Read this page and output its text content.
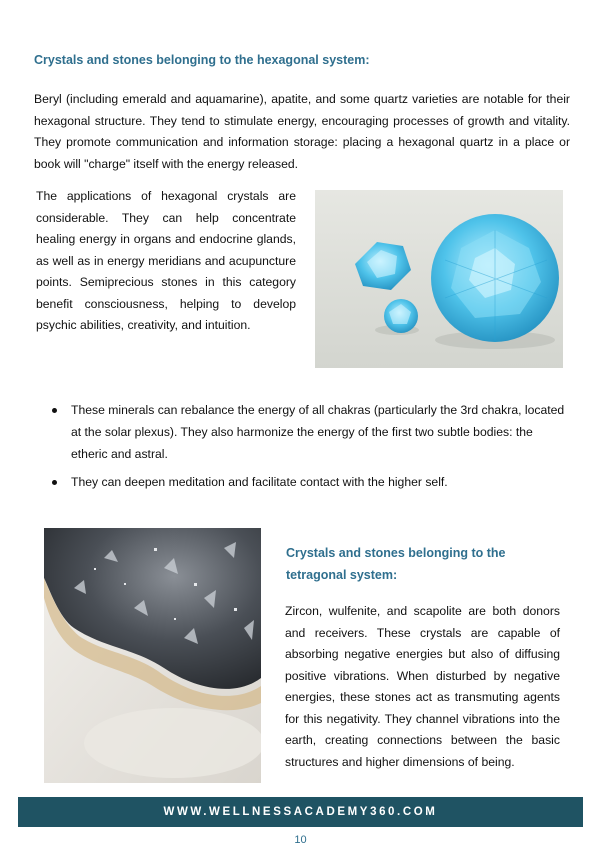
Crystals and stones belonging to the hexagonal system:
Beryl (including emerald and aquamarine), apatite, and some quartz varieties are notable for their hexagonal structure. They tend to stimulate energy, encouraging processes of growth and vitality. They promote communication and information storage: placing a hexagonal quartz in a place or book will "charge" itself with the energy released.
The applications of hexagonal crystals are considerable. They can help concentrate healing energy in organs and endocrine glands, as well as in energy meridians and acupuncture points. Semiprecious stones in this category benefit consciousness, helping to develop psychic abilities, creativity, and intuition.
These minerals can rebalance the energy of all chakras (particularly the 3rd chakra, located at the solar plexus). They also harmonize the energy of the first two subtle bodies: the etheric and astral.
They can deepen meditation and facilitate contact with the higher self.
Crystals and stones belonging to the tetragonal system:
Zircon, wulfenite, and scapolite are both donors and receivers. These crystals are capable of absorbing negative energies but also of diffusing positive vibrations. When disturbed by negative energies, these stones act as transmuting agents for this negativity. They channel vibrations into the earth, creating connections between the basic structures and higher dimensions of being.
WWW.WELLNESSACADEMY360.COM
10
